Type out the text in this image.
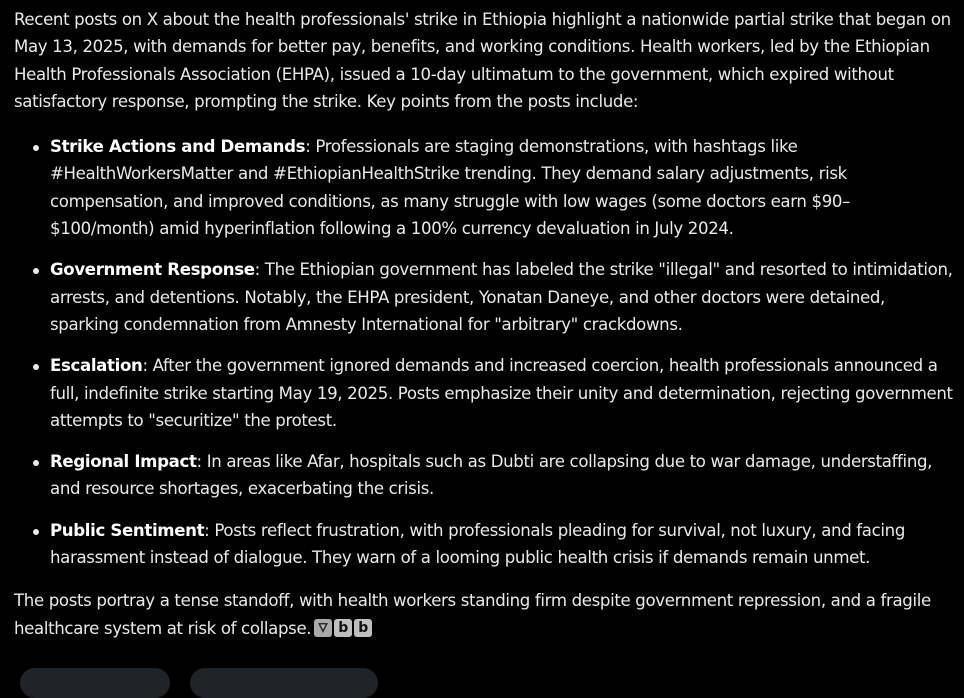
Recent posts on X about the health professionals' strike in Ethiopia highlight a nationwide partial strike that began on May 13, 2025, with demands for better pay, benefits, and working conditions. Health workers, led by the Ethiopian Health Professionals Association (EHPA), issued a 10-day ultimatum to the government, which expired without satisfactory response, prompting the strike. Key points from the posts include:

Strike Actions and Demands: Professionals are staging demonstrations, with hashtags like #HealthWorkersMatter and #EthiopianHealthStrike trending. They demand salary adjustments, risk compensation, and improved conditions, as many struggle with low wages (some doctors earn $90–$100/month) amid hyperinflation following a 100% currency devaluation in July 2024.
Government Response: The Ethiopian government has labeled the strike "illegal" and resorted to intimidation, arrests, and detentions. Notably, the EHPA president, Yonatan Daneye, and other doctors were detained, sparking condemnation from Amnesty International for "arbitrary" crackdowns.
Escalation: After the government ignored demands and increased coercion, health professionals announced a full, indefinite strike starting May 19, 2025. Posts emphasize their unity and determination, rejecting government attempts to "securitize" the protest.
Regional Impact: In areas like Afar, hospitals such as Dubti are collapsing due to war damage, understaffing, and resource shortages, exacerbating the crisis.
Public Sentiment: Posts reflect frustration, with professionals pleading for survival, not luxury, and facing harassment instead of dialogue. They warn of a looming public health crisis if demands remain unmet.

The posts portray a tense standoff, with health workers standing firm despite government repression, and a fragile healthcare system at risk of collapse. b b
